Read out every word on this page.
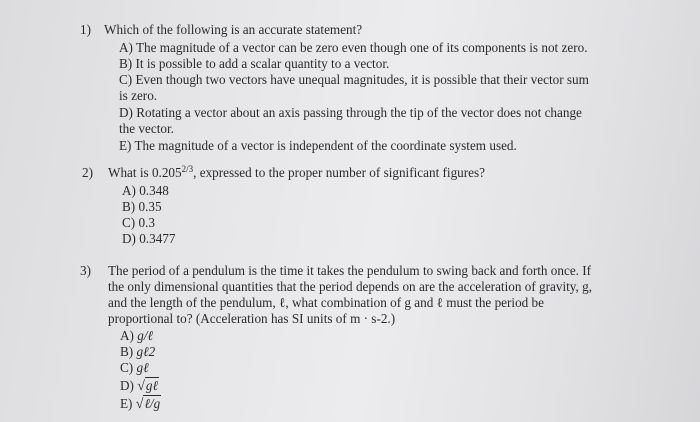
1) Which of the following is an accurate statement?
A) The magnitude of a vector can be zero even though one of its components is not zero.
B) It is possible to add a scalar quantity to a vector.
C) Even though two vectors have unequal magnitudes, it is possible that their vector sum
is zero.
D) Rotating a vector about an axis passing through the tip of the vector does not change
the vector.
E) The magnitude of a vector is independent of the coordinate system used.
2) What is $0.205^{2/3}$, expressed to the proper number of significant figures?
A) 0.348
B) 0.35
C) 0.3
D) 0.3477
3) The period of a pendulum is the time it takes the pendulum to swing back and forth once. If
the only dimensional quantities that the period depends on are the acceleration of gravity, g,
and the length of the pendulum, ℓ, what combination of g and ℓ must the period be
proportional to? (Acceleration has SI units of m · s-2.)
A) g/ℓ
B) gℓ2
C) gℓ
D) √gℓ
E) √ℓ/g
